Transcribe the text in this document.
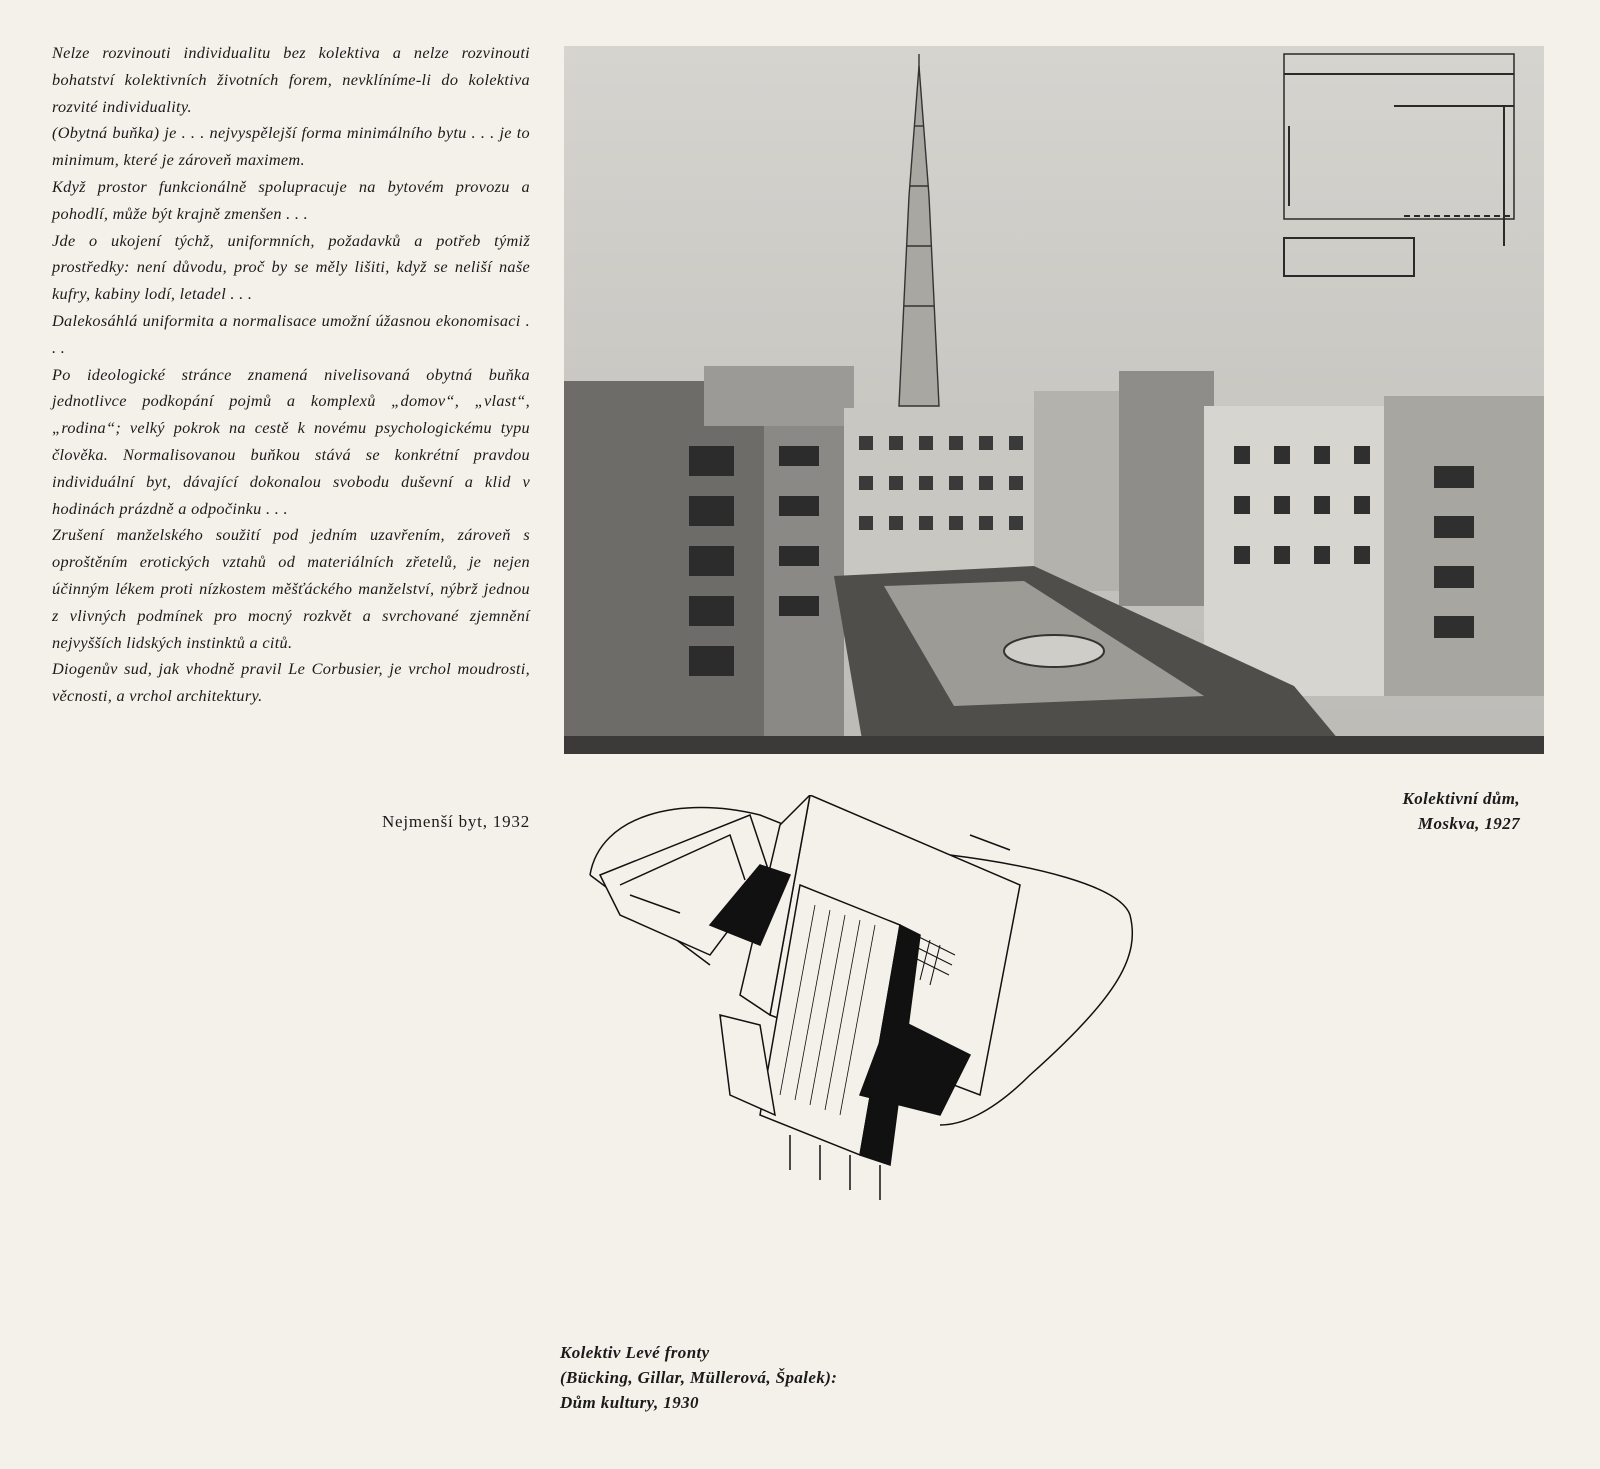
Nelze rozvinouti individualitu bez kolektiva a nelze rozvinouti bohatství kolektivních životních forem, nevklíníme-li do kolektiva rozvité individuality.

(Obytná buňka) je . . . nejvyspělejší forma minimálního bytu . . . je to minimum, které je zároveň maximem.

Když prostor funkcionálně spolupracuje na bytovém provozu a pohodlí, může být krajně zmenšen . . .

Jde o ukojení týchž, uniformních, požadavků a potřeb týmiž prostředky: není důvodu, proč by se měly lišiti, když se neliší naše kufry, kabiny lodí, letadel . . .

Dalekosáhlá uniformita a normalisace umožní úžasnou ekonomisaci . . .

Po ideologické stránce znamená nivelisovaná obytná buňka jednotlivce podkopání pojmů a komplexů „domov“, „vlast“, „rodina“; velký pokrok na cestě k novému psychologickému typu člověka. Normalisovanou buňkou stává se konkrétní pravdou individuální byt, dávající dokonalou svobodu duševní a klid v hodinách prázdně a odpočinku . . .

Zrušení manželského soužití pod jedním uzavřením, zároveň s oproštěním erotických vztahů od materiálních zřetelů, je nejen účinným lékem proti nízkostem měšťáckého manželství, nýbrž jednou z vlivných podmínek pro mocný rozkvět a svrchované zjemnění nejvyšších lidských instinktů a citů.

Diogenův sud, jak vhodně pravil Le Corbusier, je vrchol moudrosti, věcnosti, a vrchol architektury.

Nejmenší byt, 1932
Kolektivní dům,
Moskva, 1927
Kolektiv Levé fronty
(Bücking, Gillar, Müllerová, Špalek):
Dům kultury, 1930
